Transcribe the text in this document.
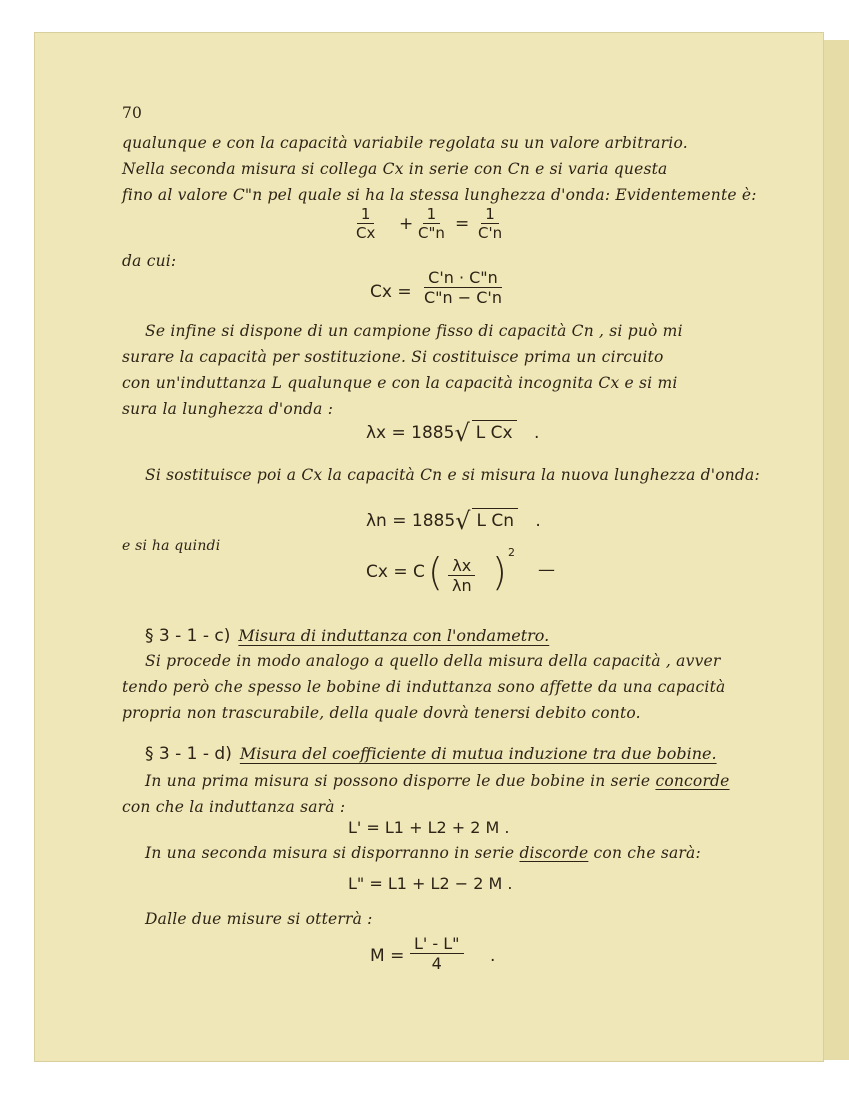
70

qualunque e con la capacità variabile regolata su un valore arbitrario.

Nella seconda misura si collega Cx in serie con Cn e si varia questa

fino al valore C"n pel quale si ha la stessa lunghezza d'onda: Evidentemente è:

$\frac{1}{Cx} + \frac{1}{C"n} = \frac{1}{C'n}$

da cui:

$Cx = \frac{C'n \cdot C"n}{C"n - C'n}$

Se infine si dispone di un campione fisso di capacità Cn , si può mi

surare la capacità per sostituzione. Si costituisce prima un circuito

con un'induttanza L qualunque e con la capacità incognita Cx e si mi

sura la lunghezza d'onda :

λx = 1885√ L Cx .

Si sostituisce poi a Cx la capacità Cn e si misura la nuova lunghezza d'onda:

λn = 1885√ L Cn .

e si ha quindi

Cx = C ( $\frac{\lambda x}{\lambda n}$ ) 2
—
§ 3 - 1 - c) Misura di induttanza con l'ondametro.

Si procede in modo analogo a quello della misura della capacità , avver

tendo però che spesso le bobine di induttanza sono affette da una capacità

propria non trascurabile, della quale dovrà tenersi debito conto.

§ 3 - 1 - d) Misura del coefficiente di mutua induzione tra due bobine.

In una prima misura si possono disporre le due bobine in serie concorde

con che la induttanza sarà :

L' = L1 + L2 + 2 M .

In una seconda misura si disporranno in serie discorde con che sarà:

L" = L1 + L2 − 2 M .

Dalle due misure si otterrà :

$M = \frac{L' - L"}{4}$ .
